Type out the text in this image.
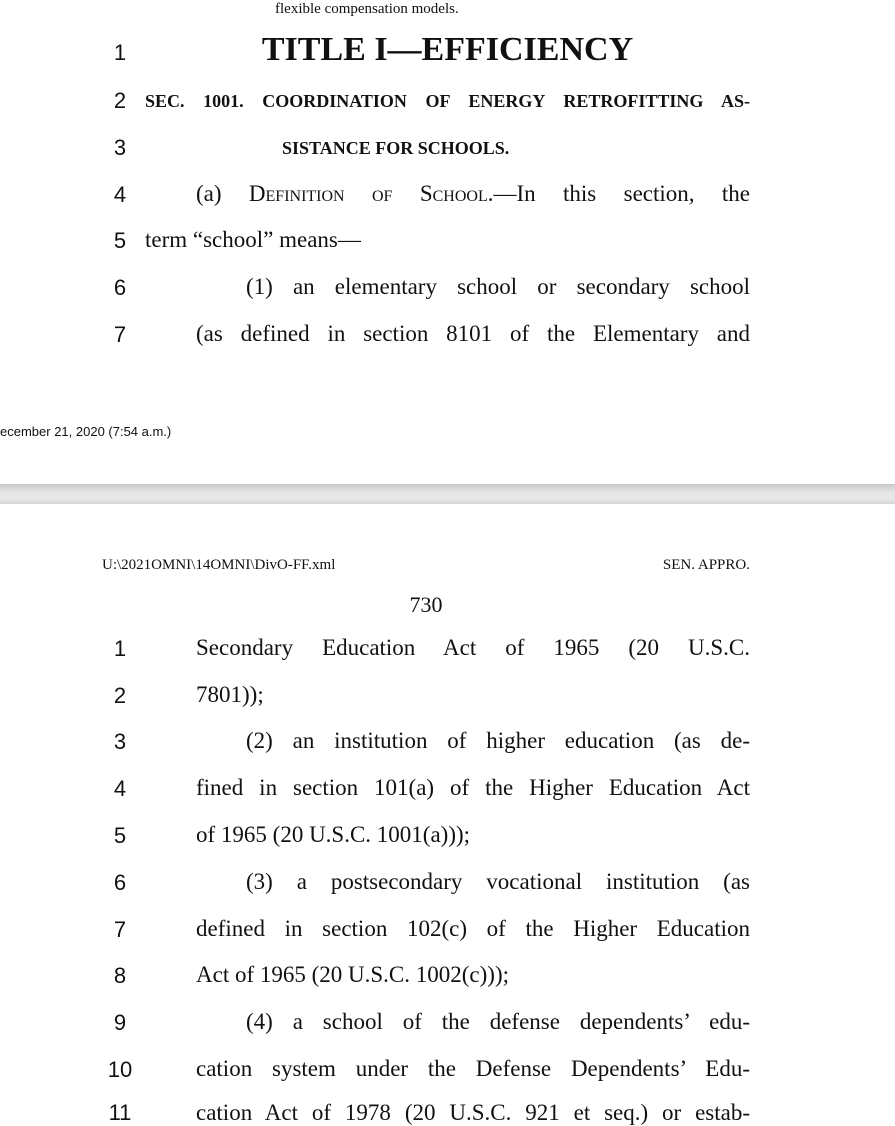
flexible compensation models.
1	TITLE I—EFFICIENCY
2	SEC. 1001. COORDINATION OF ENERGY RETROFITTING AS-
3	SISTANCE FOR SCHOOLS.
4	(a) Definition of School.—In this section, the
5 term “school” means—
6	(1) an elementary school or secondary school
7	(as defined in section 8101 of the Elementary and
ecember 21, 2020 (7:54 a.m.)
U:\2021OMNI\14OMNI\DivO-FF.xml	SEN. APPRO.
730
1	Secondary Education Act of 1965 (20 U.S.C.
2	7801));
3	(2) an institution of higher education (as de-
4	fined in section 101(a) of the Higher Education Act
5	of 1965 (20 U.S.C. 1001(a)));
6	(3) a postsecondary vocational institution (as
7	defined in section 102(c) of the Higher Education
8	Act of 1965 (20 U.S.C. 1002(c)));
9	(4) a school of the defense dependents’ edu-
10	cation system under the Defense Dependents’ Edu-
11	cation Act of 1978 (20 U.S.C. 921 et seq.) or estab-
